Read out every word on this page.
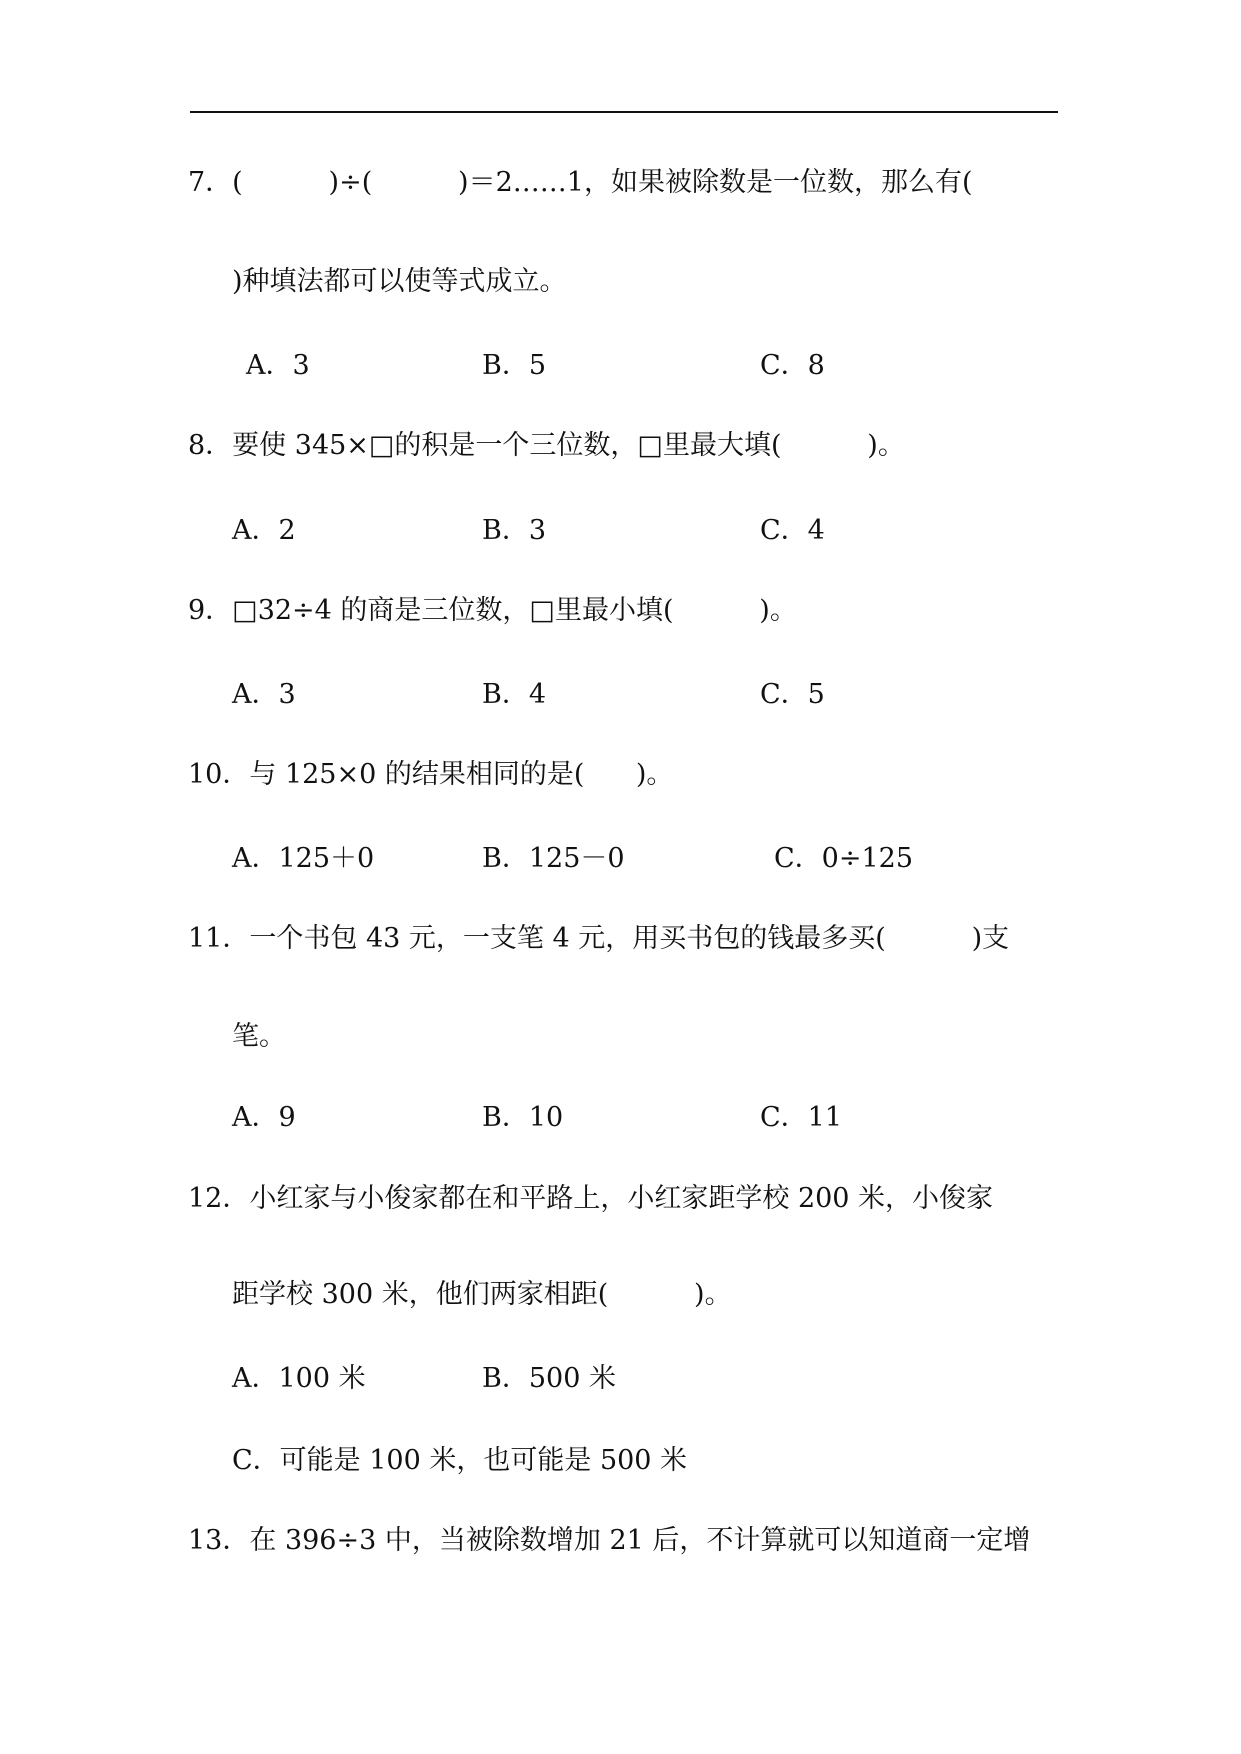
7．(          )÷(          )＝2……1，如果被除数是一位数，那么有(
)种填法都可以使等式成立。
A．3	B．5	C．8
8．要使 345×□的积是一个三位数，□里最大填(          )。
A．2	B．3	C．4
9．□32÷4 的商是三位数，□里最小填(          )。
A．3	B．4	C．5
10．与 125×0 的结果相同的是(      )。
A．125＋0	B．125－0	C．0÷125
11．一个书包 43 元，一支笔 4 元，用买书包的钱最多买(          )支
笔。
A．9	B．10	C．11
12．小红家与小俊家都在和平路上，小红家距学校 200 米，小俊家
距学校 300 米，他们两家相距(          )。
A．100 米	B．500 米
C．可能是 100 米，也可能是 500 米
13．在 396÷3 中，当被除数增加 21 后，不计算就可以知道商一定增
